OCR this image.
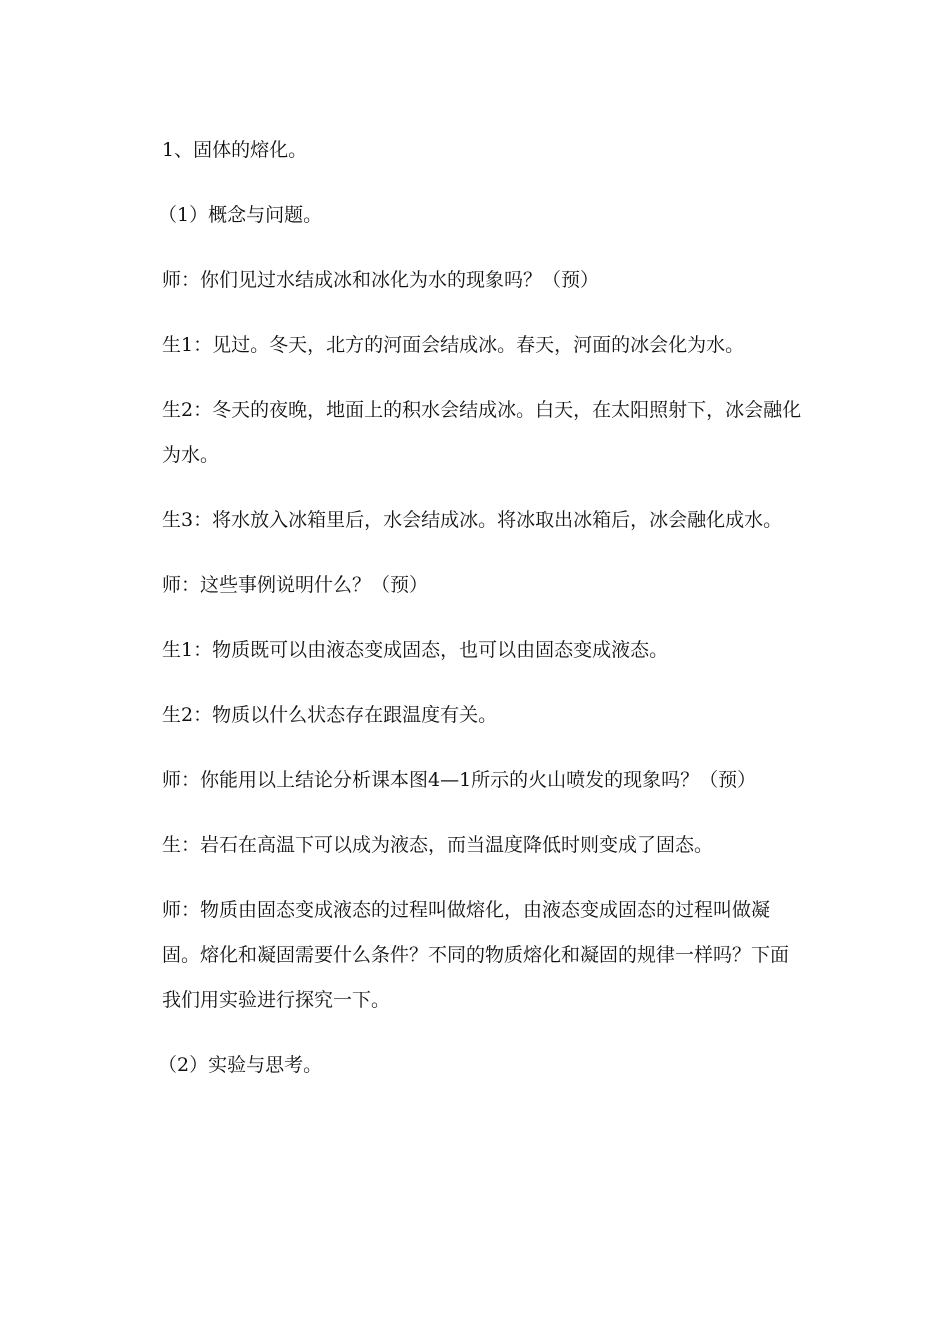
1、固体的熔化。

（1）概念与问题。

师：你们见过水结成冰和冰化为水的现象吗？（预）

生1：见过。冬天，北方的河面会结成冰。春天，河面的冰会化为水。

生2：冬天的夜晚，地面上的积水会结成冰。白天，在太阳照射下，冰会融化为水。

生3：将水放入冰箱里后，水会结成冰。将冰取出冰箱后，冰会融化成水。

师：这些事例说明什么？（预）

生1：物质既可以由液态变成固态，也可以由固态变成液态。

生2：物质以什么状态存在跟温度有关。

师：你能用以上结论分析课本图4—1所示的火山喷发的现象吗？（预）

生：岩石在高温下可以成为液态，而当温度降低时则变成了固态。

师：物质由固态变成液态的过程叫做熔化，由液态变成固态的过程叫做凝固。熔化和凝固需要什么条件？不同的物质熔化和凝固的规律一样吗？下面我们用实验进行探究一下。

（2）实验与思考。
